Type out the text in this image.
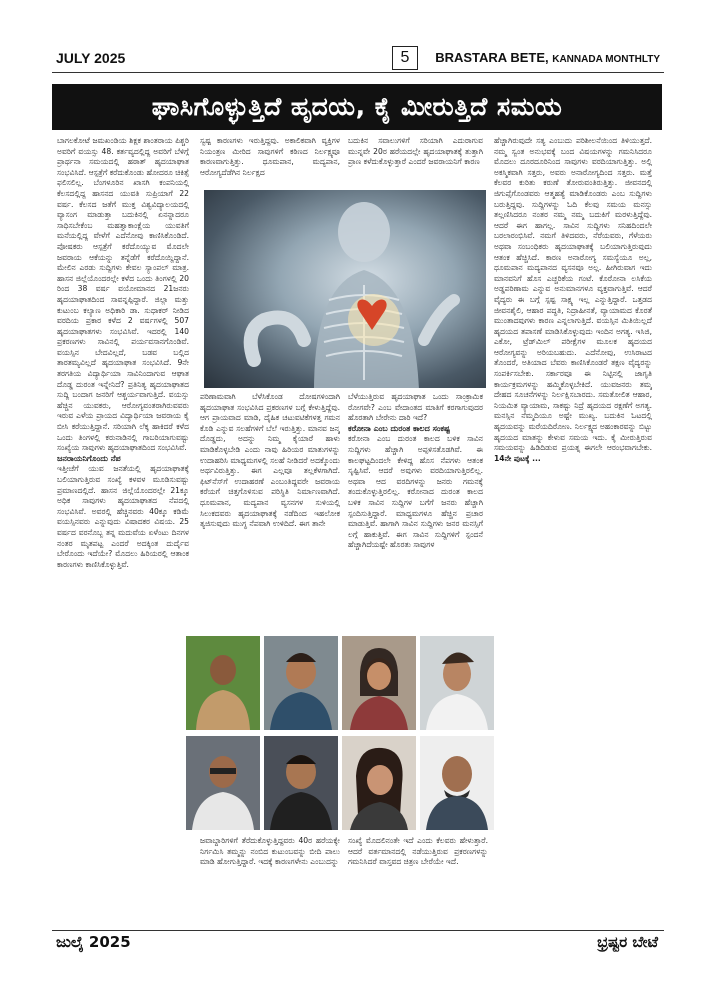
JULY 2025	5	BRASTARA BETE, KANNADA MONTHLTY
ಘಾಸಿಗೊಳ್ಳುತ್ತಿದೆ ಹೃದಯ, ಕೈ ಮೀರುತ್ತಿದೆ ಸಮಯ
ಬಾಗಲಕೋಟೆ ಜಮಖಂಡಿಯ ಶಿಕ್ಷಕ ಶಾಂತರಾಯ ಪಿಶ್ಚರಿ ಅವರಿಗೆ ವಯಸ್ಸು 48. ಕರ್ತವ್ಯದಲ್ಲಿದ್ದ ಅವರಿಗೆ ಬೆಳಿಗ್ಗೆ ಪ್ರಾರ್ಥನಾ ಸಮಯದಲ್ಲಿ ಹಠಾತ್ ಹೃದಯಾಘಾತ ಸಂಭವಿಸಿದೆ. ಆಸ್ಪತ್ರೆಗೆ ಕರೆದುಕೊಂಡು ಹೋದರೂ ಚಿಕಿತ್ಸೆ ಫಲಿಸಲಿಲ್ಲ. ಬೆಂಗಳೂರಿನ ಖಾಸಗಿ ಕಂಪನಿಯಲ್ಲಿ ಕೆಲಸದಲ್ಲಿದ್ದ ಹಾಸನದ ಯುವತಿ ಸುಪ್ರಿಯಾಗೆ 22 ವರ್ಷ. ಕೆಲಸದ ಜತೆಗೆ ಮುಕ್ತ ವಿಶ್ವವಿದ್ಯಾಲಯದಲ್ಲಿ ವ್ಯಾಸಂಗ ಮಾಡುತ್ತಾ ಬದುಕಿನಲ್ಲಿ ಏನನ್ನಾದರೂ ಸಾಧಿಸಬೇಕೆಂಬ ಮಹತ್ವಾಕಾಂಕ್ಷೆಯ ಯುವತಿಗೆ ಮನೆಯಲ್ಲಿದ್ದ ವೇಳೆಗೆ ಎದೆನೋವು ಕಾಣಿಸಿಕೊಂಡಿದೆ. ಪೋಷಕರು ಆಸ್ಪತ್ರೆಗೆ ಕರೆದೊಯ್ಯುವ ಮೊದಲೇ ಜವರಾಯ ಆಕೆಯನ್ನು ತನ್ನೆಡೆಗೆ ಕರೆದೊಯ್ದಿದ್ದಾನೆ. ಮೇಲಿನ ಎರಡು ಸುದ್ದಿಗಳು ಕೇವಲ ಸ್ಯಾಂಪಲ್ ಮಾತ್ರ. ಹಾಸನ ಜಿಲ್ಲೆಯೊಂದರಲ್ಲೇ ಕಳೆದ ಒಂದು ತಿಂಗಳಲ್ಲಿ 20 ರಿಂದ 38 ವರ್ಷ ವಯೋಮಾನದ 21ಜನರು ಹೃದಯಾಘಾತದಿಂದ ಸಾವನ್ನಪ್ಪಿದ್ದಾರೆ. ಜಿಲ್ಲಾ ಮತ್ತು ಕುಟುಂಬ ಕಲ್ಯಾಣ ಅಧಿಕಾರಿ ಡಾ. ಸುಧಾಕರ್ ನೀಡಿದ ವರದಿಯ ಪ್ರಕಾರ ಕಳೆದ 2 ವರ್ಷಗಳಲ್ಲಿ 507 ಹೃದಯಾಘಾತಗಳು ಸಂಭವಿಸಿವೆ. ಇದರಲ್ಲಿ 140 ಪ್ರಕರಣಗಳು ಸಾವಿನಲ್ಲಿ ಪರ್ಯವಸಾನಗೊಂಡಿವೆ. ವಯಸ್ಸಿನ ಬೇದವಿಲ್ಲದೆ, ಬಡವ ಬಲ್ಲಿದ ತಾರತಮ್ಯವಿಲ್ಲದೆ ಹೃದಯಾಘಾತ ಸಂಭವಿಸಿದೆ. 9ನೇ ತರಗತಿಯ ವಿದ್ಯಾರ್ಥಿಯಾ ಸಾವಿನಿಂದಾಗುವ ಆಘಾತ ದೊಡ್ಡ ದುರಂತ ಇನ್ನೇನಿದೆ? ಪ್ರತಿನಿತ್ಯ ಹೃದಯಾಘಾತದ ಸುದ್ದಿ ಬಂದಾಗ ಜನರಿಗೆ ಆಶ್ಚರ್ಯವಾಗುತ್ತಿದೆ. ವಯಸ್ಸು ಹೆಚ್ಚಿನ ಯುವಕರು, ಆರೋಗ್ಯವಂತರಾಗಿರುವವರು ಇರುವ ಎಳೆಯ ಪ್ರಾಯದ ವಿದ್ಯಾರ್ಥಿಯಾ ಜವರಾಯ ಕೈ ಬೀಸಿ ಕರೆಯುತ್ತಿದ್ದಾನೆ. ಸರಿಯಾಗಿ ಲೆಕ್ಕ ಹಾಕಿದರೆ ಕಳೆದ ಒಂದು ತಿಂಗಳಲ್ಲಿ ಕರುನಾಡಿನಲ್ಲಿ ಗಾಬರಿಯಾಗುವಷ್ಟು ಸಂಖ್ಯೆಯ ಸಾವುಗಳು ಹೃದಯಾಘಾತದಿಂದ ಸಂಭವಿಸಿವೆ.
ಜನರಾಯನಿಗೊಂದು ನೆಪ
ಇತ್ತೀಚೆಗೆ ಯುವ ಜನತೆಯಲ್ಲಿ ಹೃದಯಾಘಾತಕ್ಕೆ ಬಲಿಯಾಗುತ್ತಿರುವ ಸಂಖ್ಯೆ ಕಳವಳ ಮೂಡಿಸುವಷ್ಟು ಪ್ರಮಾಣದಲ್ಲಿದೆ. ಹಾಸನ ಜಿಲ್ಲೆಯೊಂದರಲ್ಲೇ 21ಕ್ಕೂ ಅಧಿಕ ಸಾವುಗಳು ಹೃದಯಾಘಾತದ ನೆಪದಲ್ಲಿ ಸಂಭವಿಸಿವೆ. ಅವರಲ್ಲಿ ಹೆಚ್ಚಿನವರು 40ಕ್ಕೂ ಕಡಿಮೆ ವಯಸ್ಸಿನವರು ಎನ್ನುವುದು ವಿಷಾದಕರ ವಿಷಯ. 25 ವರ್ಷದ ವರನೊಬ್ಬ ತನ್ನ ಮದುವೆಯ ಏಳೆಂಟು ದಿನಗಳ ನಂತರ ಮೃತಪಟ್ಟ ಎಂದರೆ ಅದಕ್ಕಿಂತ ದುರ್ದೈವ ಬೇರೊಂದು ಇದೆಯೇ? ಮೊದಲು ಹಿರಿಯರಲ್ಲಿ ಆತಾಂಕ ಕಾರಣಗಳು ಕಾಣಿಸಿಕೊಳ್ಳುತ್ತಿವೆ.
ಸ್ವಷ್ಟ ಕಾರಣಗಳು ಇರುತ್ತಿದ್ದವು. ಅಕಾಲಿಕವಾಗಿ ವ್ಯಕ್ತಿಗಳ ನಿಯಂತ್ರಣ ಮೀರಿದ ಸಾವುಗಳಿಗೆ ಕಠಿಣದ ನಿರ್ಲಕ್ಷ್ಯವೂ ಕಾರಣವಾಗುತ್ತಿತ್ತು. ಧೂಮಪಾನ, ಮದ್ಯಪಾನ, ಆರೋಗ್ಯದೆಡೆಗಿನ ನಿರ್ಲಕ್ಷದ
ಬದುಕಿನ ಸವಾಲುಗಳಿಗೆ ಸರಿಯಾಗಿ ಎದುರಾಗುವ ಮುನ್ನವೇ 20ರ ಹರೆಯದಲ್ಲೇ ಹೃದಯಾಘಾತಕ್ಕೆ ತುತ್ತಾಗಿ ಪ್ರಾಣ ಕಳೆದುಕೊಳ್ಳುತ್ತಾರೆ ಎಂದರೆ ಜವರಾಯನಿಗೆ ಕಾರಣ
ಪರಿಣಾಮವಾಗಿ ಬೆಳೆಸಿಕೊಂಡ ದೋಷಗಳಿಂದಾಗಿ ಹೃದಯಾಘಾತ ಸಂಭವಿಸಿದ ಪ್ರಕರಣಗಳ ಬಗ್ಗೆ ಕೇಳುತ್ತಿದ್ದೆವು. ಆಗ ಪ್ರಾಯವಾದ ಮಾಡಿ, ದೈಹಿಕ ಚಟುವಟಿಕೆಗಳತ್ತ ಗಮನ ಕೊಡಿ ಎನ್ನುವ ಸಲಹೆಗಳಿಗೆ ಬೆಲೆ ಇರುತ್ತಿತ್ತು. ಮಾನವ ಜನ್ಮ ದೊಡ್ಡದು, ಅದನ್ನು ನಿಮ್ಮ ಕೈಯಾರೆ ಹಾಳು ಮಾಡಿಕೊಳ್ಳಬೇಡಿ ಎಂದು ನಾವು ಹಿರಿಯರ ಮಾತುಗಳನ್ನು ಉದಾಹರಿಸಿ ಮಾಧ್ಯಮಗಳಲ್ಲಿ ಸಲಹೆ ನೀಡಿದರೆ ಅದಕ್ಕೊಂದು ಅರ್ಥವಿರುತ್ತಿತ್ತು. ಈಗ ಎಲ್ಲವೂ ತಲ್ಲಕೆಳಗಾಗಿದೆ. ಫಿಟ್‌ನೆಸ್‌ಗೆ ಉದಾಹರಣೆ ಎಂಬಂತಿದ್ದವರೇ ಜವರಾಯ ಕರೆಯಗೆ ಚಿತ್ತಗೊಳಿಸುವ ಪರಿಸ್ಥಿತಿ ನಿರ್ಮಾಣವಾಗಿದೆ. ಧೂಮಪಾನ, ಮದ್ಯಪಾನ ವ್ಯಸನಗಳ ಸುಳಿಯಲ್ಲಿ ಸಿಲುಕದವರು ಹೃದಯಾಘಾತಕ್ಕೆ ನಡೆದಿಂದ ಇಹಲೋಕ ತ್ಯಜಿಸುವುದು ಮುಗ್ಧ ನೆಪವಾಗಿ ಉಳಿದಿದೆ. ಈಗ ತಾನೇ
ಬೆಳೆಯುತ್ತಿರುವ ಹೃದಯಾಘಾತ ಒಂದು ಸಾಂಕ್ರಾಮಿಕ ರೋಗವೇ? ಎಂಬ ವೇದಾಂತದ ಮಾತಿಗೆ ಕರಗಾಗುವುದರ ಹೊರತಾಗಿ ಬೇರೇನು ದಾರಿ ಇದೆ?
ಕರೋನಾ ಎಂಬ ದುರಂತ ಕಾಲದ ಸಂಕಷ್ಟ
ಕರೋನಾ ಎಂಬ ದುರಂತ ಕಾಲದ ಬಳಿಕ ಸಾವಿನ ಸುದ್ದಿಗಳು ಹೆಚ್ಚಾಗಿ ಅಪ್ಪಳಿಸತೊಡಗಿವೆ. ಈ ಕಾಲಘಟ್ಟದಿಂದಲೇ ಕೇಳಿದ್ದ ಹೊಸ ನೆಪಗಳು ಆತಂಕ ಸೃಷ್ಟಿಸಿವೆ. ಆದರೆ ಅವುಗಳು ವರದಿಯಾಗುತ್ತಿರಲಿಲ್ಲ. ಅಥವಾ ಆದ ವರದಿಗಳನ್ನು ಜನರು ಗಮನಕ್ಕೆ ತಂದುಕೊಳ್ಳುತ್ತಿರಲಿಲ್ಲ. ಕರೋನಾದ ದುರಂತ ಕಾಲದ ಬಳಿಕ ಸಾವಿನ ಸುದ್ದಿಗಳ ಬಗೆಗೆ ಜನರು ಹೆಚ್ಚಾಗಿ ಸ್ಪಂದಿಸುತ್ತಿದ್ದಾರೆ. ಮಾಧ್ಯಮಗಳೂ ಹೆಚ್ಚಿನ ಪ್ರಚಾರ ಮಾಡುತ್ತಿವೆ. ಹಾಗಾಗಿ ಸಾವಿನ ಸುದ್ದಿಗಳು ಜನರ ಮನಸ್ಸಿಗೆ ಲಗ್ಗೆ ಹಾಕುತ್ತಿವೆ. ಈಗ ಸಾವಿನ ಸುದ್ದಿಗಳಿಗೆ ಸ್ಪಂದನೆ ಹೆಚ್ಚಾಗಿದೆಯಷ್ಟೇ ಹೊರತು ಸಾವುಗಳ
ಹೆಚ್ಚಾಗಿರುವುದೇ ಸತ್ಯ ಎಂಬುದು ಪರಿಶೀಲನೆಯಿಂದ ತಿಳಿಯುತ್ತದೆ. ನಮ್ಮ ಸ್ವಂತ ಅನುಭವಕ್ಕೆ ಬಂದ ವಿಷಯಗಳನ್ನು ಗಮನಿಸಿದರೂ ಮೊದಲು ದೂರದೂರಿನಿಂದ ಸಾವುಗಳು ವರದಿಯಾಗುತ್ತಿತ್ತು. ಅಲ್ಲಿ ಅಕಸ್ಮಿಕವಾಗಿ ಸತ್ತರು, ಅವರು ಅನಾರೋಗ್ಯದಿಂದ ಸತ್ತರು. ಮತ್ತೆ ಕೆಲವರ ಕುರಿತು ಕರುಣೆ ತೋರುವಂತಿರುತ್ತಿತ್ತು. ಜೀವನದಲ್ಲಿ ಜಿಗುಪ್ಸೆಗೊಂಡವರು ಆತ್ಮಹತ್ಯೆ ಮಾಡಿಕೊಂಡರು ಎಂಬ ಸುದ್ದಿಗಳು ಬರುತ್ತಿದ್ದವು. ಸುದ್ದಿಗಳನ್ನು ಓದಿ ಕೆಲವು ಸಮಯ ಮನಸ್ಸು ತಲ್ಲಣಿಸಿದರೂ ನಂತರ ನಮ್ಮ ನಮ್ಮ ಬದುಕಿಗೆ ಮರಳುತ್ತಿದ್ದೆವು. ಆದರೆ ಈಗ ಹಾಗಲ್ಲ. ಸಾವಿನ ಸುದ್ದಿಗಳು ಸನಿಹದಿಂದಲೇ ಬರಲಾರಂಭಿಸಿವೆ. ನಮಗೆ ತಿಳಿದವರು, ನೆರೆಯವರು, ಗೆಳೆಯರು ಅಥವಾ ಸಂಬಂಧಿಕರು ಹೃದಯಾಘಾತಕ್ಕೆ ಬಲಿಯಾಗುತ್ತಿರುವುದು ಆತಂಕ ಹೆಚ್ಚಿಸಿದೆ. ಕಾರಣ ಅನಾರೋಗ್ಯ ಸಮಸ್ಯೆಯೂ ಅಲ್ಲ, ಧೂಮಪಾನ ಮದ್ಯಪಾನದ ವ್ಯಸನವೂ ಅಲ್ಲ. ಹೀಗಿರುವಾಗ ಇದು ಮಾನವನಿಗೆ ಹೊಸ ಎಚ್ಚರಿಕೆಯ ಗಂಟೆ. ಕೊರೋನಾ ಲಸಿಕೆಯ ಅಡ್ಡಪರಿಣಾಮ ಎನ್ನುವ ಅನುಮಾನಗಳೂ ವ್ಯಕ್ತವಾಗುತ್ತಿವೆ. ಆದರೆ ವೈದ್ಯರು ಈ ಬಗ್ಗೆ ಸ್ಪಷ್ಟ ಸಾಕ್ಷ್ಯ ಇಲ್ಲ ಎನ್ನುತ್ತಿದ್ದಾರೆ. ಒತ್ತಡದ ಜೀವನಶೈಲಿ, ಆಹಾರ ಪದ್ಧತಿ, ನಿದ್ರಾಹೀನತೆ, ವ್ಯಾಯಾಮದ ಕೊರತೆ ಮುಂತಾದವುಗಳು ಕಾರಣ ಎನ್ನಲಾಗುತ್ತಿದೆ. ವಯಸ್ಸಿನ ಮಿತಿಯಿಲ್ಲದೆ ಹೃದಯದ ತಪಾಸಣೆ ಮಾಡಿಸಿಕೊಳ್ಳುವುದು ಇಂದಿನ ಅಗತ್ಯ. ಇಸಿಜಿ, ಎಕೋ, ಟ್ರೆಡ್‌ಮಿಲ್ ಪರೀಕ್ಷೆಗಳ ಮೂಲಕ ಹೃದಯದ ಆರೋಗ್ಯವನ್ನು ಅರಿಯಬಹುದು. ಎದೆನೋವು, ಉಸಿರಾಟದ ತೊಂದರೆ, ಅತಿಯಾದ ಬೆವರು ಕಾಣಿಸಿಕೊಂಡರೆ ತಕ್ಷಣ ವೈದ್ಯರನ್ನು ಸಂಪರ್ಕಿಸಬೇಕು. ಸರ್ಕಾರವೂ ಈ ನಿಟ್ಟಿನಲ್ಲಿ ಜಾಗೃತಿ ಕಾರ್ಯಕ್ರಮಗಳನ್ನು ಹಮ್ಮಿಕೊಳ್ಳಬೇಕಿದೆ. ಯುವಜನರು ತಮ್ಮ ದೇಹದ ಸೂಚನೆಗಳನ್ನು ನಿರ್ಲಕ್ಷಿಸಬಾರದು. ಸಮತೋಲಿತ ಆಹಾರ, ನಿಯಮಿತ ವ್ಯಾಯಾಮ, ಸಾಕಷ್ಟು ನಿದ್ರೆ ಹೃದಯದ ರಕ್ಷಣೆಗೆ ಅಗತ್ಯ. ಮನಸ್ಸಿನ ನೆಮ್ಮದಿಯೂ ಅಷ್ಟೇ ಮುಖ್ಯ. ಬದುಕಿನ ಓಟದಲ್ಲಿ ಹೃದಯವನ್ನು ಮರೆಯದಿರೋಣ. ನಿರ್ಲಕ್ಷ್ಯದ ಅಹಂಕಾರವನ್ನು ಬಿಟ್ಟು ಹೃದಯದ ಮಾತನ್ನು ಕೇಳುವ ಸಮಯ ಇದು. ಕೈ ಮೀರುತ್ತಿರುವ ಸಮಯವನ್ನು ಹಿಡಿದಿಡುವ ಪ್ರಯತ್ನ ಈಗಲೇ ಆರಂಭವಾಗಬೇಕು. 14ನೇ ಪುಟಕ್ಕೆ ...
ಜವಾಬ್ದಾರಿಗಳಿಗೆ ತೆರೆದುಕೊಳ್ಳುತ್ತಿದ್ದವರು 40ರ ಹರೆಯಕ್ಕೇ ನಿರ್ಗಮಿಸಿ ತಮ್ಮನ್ನು ನಂಬಿದ ಕುಟುಂಬವನ್ನು ಬೀದಿ ಪಾಲು ಮಾಡಿ ಹೋಗುತ್ತಿದ್ದಾರೆ. ಇದಕ್ಕೆ ಕಾರಣಗಳೇನು ಎಂಬುದನ್ನು
ಸಂಖ್ಯೆ ಮೊದಲಿನಂತೇ ಇದೆ ಎಂದು ಕೆಲವರು ಹೇಳುತ್ತಾರೆ. ಆದರೆ ವರ್ತಮಾನದಲ್ಲಿ ನಡೆಯುತ್ತಿರುವ ಪ್ರಕರಣಗಳನ್ನು ಗಮನಿಸಿದರೆ ವಾಸ್ತವದ ಚಿತ್ರಣ ಬೇರೆಯೇ ಇದೆ.
ಜುಲೈ 2025	ಭ್ರಷ್ಟರ ಬೇಟೆ
